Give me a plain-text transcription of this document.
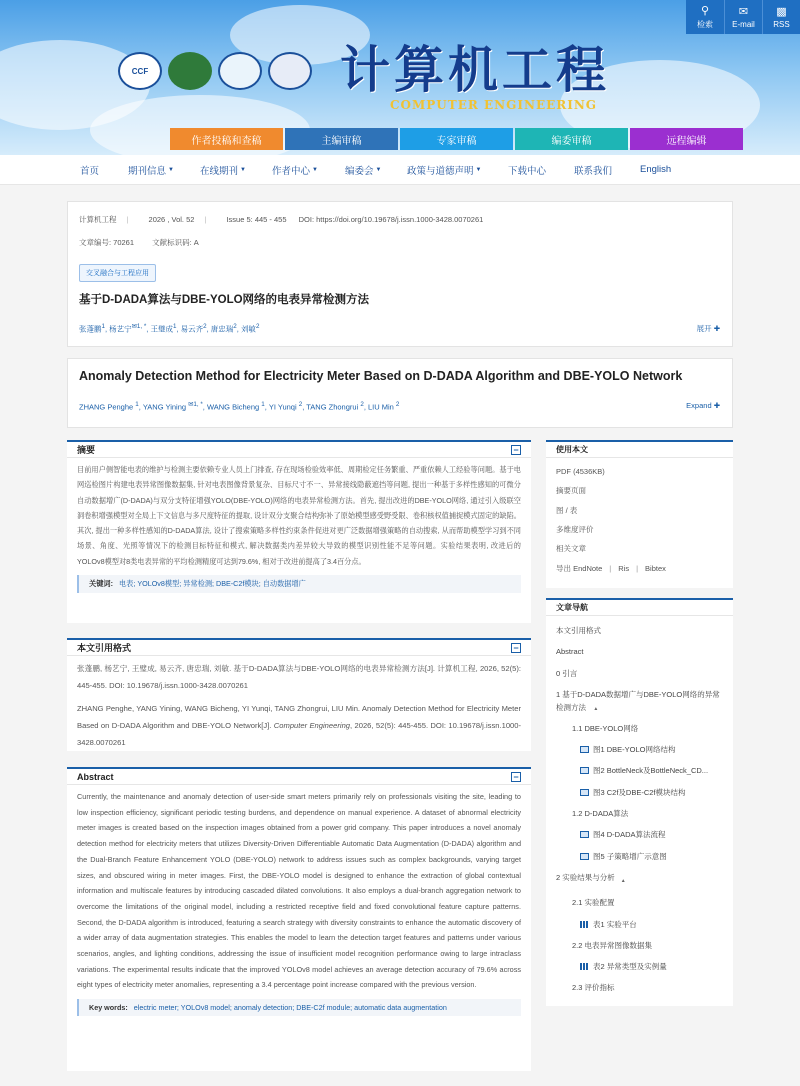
CCF	计算机工程
COMPUTER ENGINEERING
⚲
检索
✉
E-mail
▩
RSS
作者投稿和查稿	主编审稿	专家审稿	编委审稿	远程编辑
首页	期刊信息 ▼	在线期刊 ▼	作者中心 ▼	编委会 ▼	政策与道德声明 ▼	下载中心	联系我们	English
计算机工程 |	2026 , Vol. 52 |	Issue 5: 445 - 455 DOI: https://doi.org/10.19678/j.issn.1000-3428.0070261
文章编号: 70261 文献标识码: A
交叉融合与工程应用
基于D-DADA算法与DBE-YOLO网络的电表异常检测方法
张蓬鹏$^1$, 杨艺宁$^{✉1, *}$, 王璧成$^1$, 易云齐$^2$, 唐忠瑞$^2$, 刘敏$^2$	展开 ✚
Anomaly Detection Method for Electricity Meter Based on D-DADA Algorithm and DBE-YOLO Network
ZHANG Penghe $^1$, YANG Yining $^{✉1, *}$, WANG Bicheng $^1$, YI Yunqi $^2$, TANG Zhongrui $^2$, LIU Min $^2$	Expand ✚
摘要	−
目前用户侧智能电表的维护与检测主要依赖专业人员上门排查, 存在现场检验效率低、周期检定任务繁重、严重依赖人工经验等问题。基于电网巡检图片构建电表异常图像数据集, 针对电表图像背景复杂、目标尺寸不一、异常接线隐蔽遮挡等问题, 提出一种基于多样性感知的可微分自动数据增广(D-DADA)与双分支特征增强YOLO(DBE-YOLO)网络的电表异常检测方法。首先, 提出改进的DBE-YOLO网络, 通过引入级联空洞卷积增强模型对全局上下文信息与多尺度特征的提取, 设计双分支聚合结构弥补了原始模型感受野受限、卷积核权值捕捉模式固定的缺陷。其次, 提出一种多样性感知的D-DADA算法, 设计了搜索策略多样性约束条件促进对更广泛数据增强策略的自动搜索, 从而帮助模型学习到不同场景、角度、光照等情况下的检测目标特征和模式, 解决数据类内差异较大导致的模型识别性能不足等问题。实验结果表明, 改进后的YOLOv8模型对8类电表异常的平均检测精度可达到79.6%, 相对于改进前提高了3.4百分点。
关键词: 电表; YOLOv8模型; 异常检测; DBE-C2f模块; 自动数据增广
本文引用格式	−
张蓬鹏, 杨艺宁, 王璧成, 易云齐, 唐忠瑞, 刘敏. 基于D-DADA算法与DBE-YOLO网络的电表异常检测方法[J]. 计算机工程, 2026, 52(5): 445-455. DOI: 10.19678/j.issn.1000-3428.0070261
ZHANG Penghe, YANG Yining, WANG Bicheng, YI Yunqi, TANG Zhongrui, LIU Min. Anomaly Detection Method for Electricity Meter Based on D-DADA Algorithm and DBE-YOLO Network[J]. Computer Engineering, 2026, 52(5): 445-455. DOI: 10.19678/j.issn.1000-3428.0070261
Abstract	−
Currently, the maintenance and anomaly detection of user-side smart meters primarily rely on professionals visiting the site, leading to low inspection efficiency, significant periodic testing burdens, and dependence on manual experience. A dataset of abnormal electricity meter images is created based on the inspection images obtained from a power grid company. This paper introduces a novel anomaly detection method for electricity meters that utilizes Diversity-Driven Differentiable Automatic Data Augmentation (D-DADA) algorithm and the Dual-Branch Feature Enhancement YOLO (DBE-YOLO) network to address issues such as complex backgrounds, varying target sizes, and obscured wiring in meter images. First, the DBE-YOLO model is designed to enhance the extraction of global contextual information and multiscale features by introducing cascaded dilated convolutions. It also employs a dual-branch aggregation network to overcome the limitations of the original model, including a restricted receptive field and fixed convolutional feature capture patterns. Second, the D-DADA algorithm is introduced, featuring a search strategy with diversity constraints to enhance the automatic discovery of a wider array of data augmentation strategies. This enables the model to learn the detection target features and patterns under various scenarios, angles, and lighting conditions, addressing the issue of insufficient model recognition performance owing to large intraclass variations. The experimental results indicate that the improved YOLOv8 model achieves an average detection accuracy of 79.6% across eight types of electricity meter anomalies, representing a 3.4 percentage point increase compared with the previous version.
Key words: electric meter; YOLOv8 model; anomaly detection; DBE-C2f module; automatic data augmentation
使用本文
PDF (4536KB)
摘要页面
图 / 表
多维度评价
相关文章
导出
EndNote | Ris | Bibtex
文章导航
本文引用格式
Abstract
0 引言
1 基于D-DADA数据增广与DBE-YOLO网络的异常检测方法 ▲
1.1 DBE-YOLO网络
图1 DBE-YOLO网络结构
图2 BottleNeck及BottleNeck_CD...
图3 C2f及DBE-C2f模块结构
1.2 D-DADA算法
图4 D-DADA算法流程
图5 子策略增广示意图
2 实验结果与分析 ▲
2.1 实验配置
表1 实验平台
2.2 电表异常图像数据集
表2 异常类型及实例量
2.3 评价指标
